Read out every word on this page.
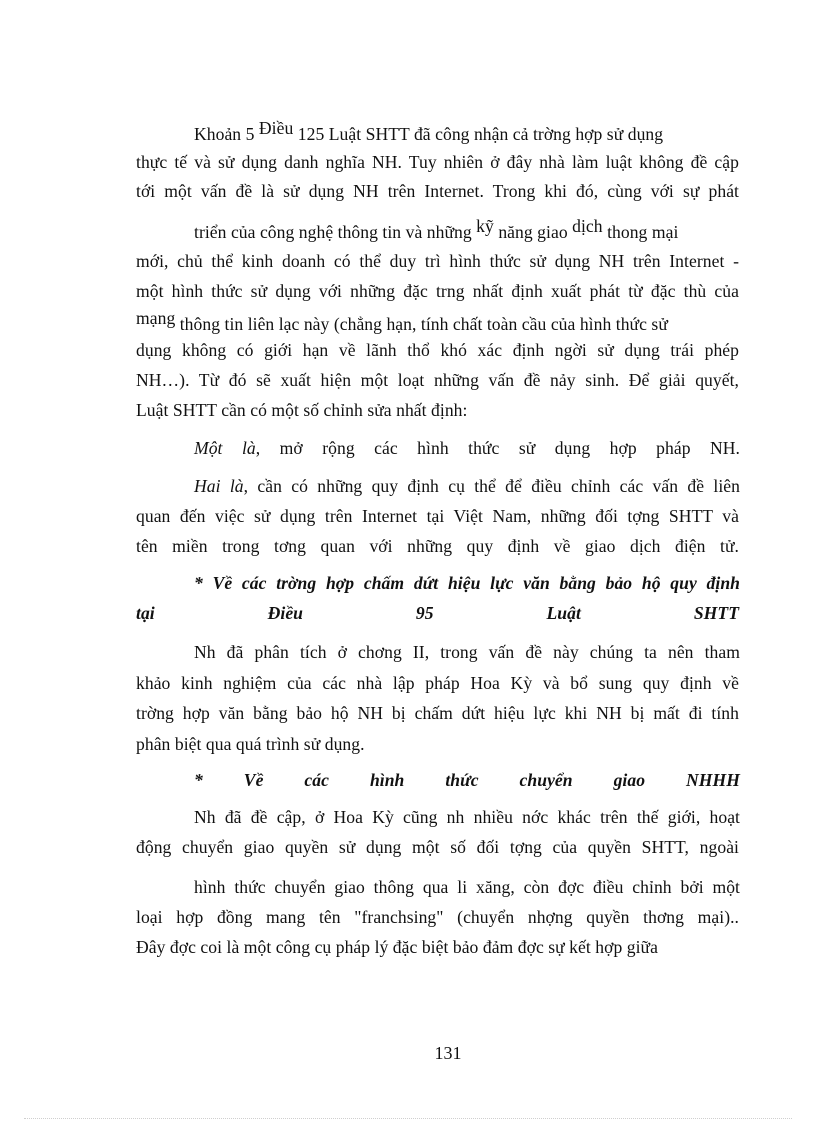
Khoản 5 Điều 125 Luật SHTT đã công nhận cả trờng hợp sử dụng

thực tế và sử dụng danh nghĩa NH. Tuy nhiên ở đây nhà làm luật không đề cập

tới một vấn đề là sử dụng NH trên Internet. Trong khi đó, cùng với sự phát

triển của công nghệ thông tin và những kỹ năng giao dịch thong mại

mới, chủ thể kinh doanh có thể duy trì hình thức sử dụng NH trên Internet -

một hình thức sử dụng với những đặc trng nhất định xuất phát từ đặc thù của

mạng thông tin liên lạc này (chẳng hạn, tính chất toàn cầu của hình thức sử

dụng không có giới hạn về lãnh thổ khó xác định ngời sử dụng trái phép

NH…). Từ đó sẽ xuất hiện một loạt những vấn đề nảy sinh. Để giải quyết,

Luật SHTT cần có một số chỉnh sửa nhất định:

Một là, mở rộng các hình thức sử dụng hợp pháp NH.

Hai là, cần có những quy định cụ thể để điều chỉnh các vấn đề liên

quan đến việc sử dụng trên Internet tại Việt Nam, những đối tợng SHTT và

tên miền trong tơng quan với những quy định về giao dịch điện tử.

* Về các trờng hợp chấm dứt hiệu lực văn bằng bảo hộ quy định

tại Điều 95 Luật SHTT

Nh đã phân tích ở chơng II, trong vấn đề này chúng ta nên tham

khảo kinh nghiệm của các nhà lập pháp Hoa Kỳ và bổ sung quy định về

trờng hợp văn bằng bảo hộ NH bị chấm dứt hiệu lực khi NH bị mất đi tính

phân biệt qua quá trình sử dụng.

* Về các hình thức chuyển giao NHHH

Nh đã đề cập, ở Hoa Kỳ cũng nh nhiều nớc khác trên thế giới, hoạt

động chuyển giao quyền sử dụng một số đối tợng của quyền SHTT, ngoài

hình thức chuyển giao thông qua li xăng, còn đợc điều chỉnh bởi một

loại hợp đồng mang tên "franchsing" (chuyển nhợng quyền thơng mại)..

Đây đợc coi là một công cụ pháp lý đặc biệt bảo đảm đợc sự kết hợp giữa

131
